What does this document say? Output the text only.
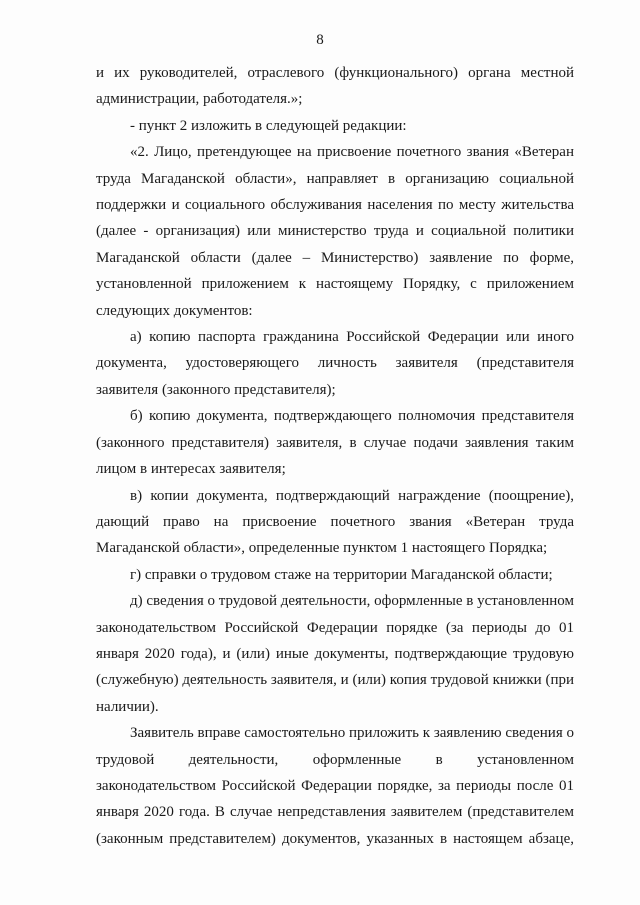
8

и их руководителей, отраслевого (функционального) органа местной администрации, работодателя.»;

- пункт 2 изложить в следующей редакции:

«2. Лицо, претендующее на присвоение почетного звания «Ветеран труда Магаданской области», направляет в организацию социальной поддержки и социального обслуживания населения по месту жительства (далее - организация) или министерство труда и социальной политики Магаданской области (далее – Министерство) заявление по форме, установленной приложением к настоящему Порядку, с приложением следующих документов:

а) копию паспорта гражданина Российской Федерации или иного документа, удостоверяющего личность заявителя (представителя заявителя (законного представителя);

б) копию документа, подтверждающего полномочия представителя (законного представителя) заявителя, в случае подачи заявления таким лицом в интересах заявителя;

в) копии документа, подтверждающий награждение (поощрение), дающий право на присвоение почетного звания «Ветеран труда Магаданской области», определенные пунктом 1 настоящего Порядка;

г) справки о трудовом стаже на территории Магаданской области;

д) сведения о трудовой деятельности, оформленные в установленном законодательством Российской Федерации порядке (за периоды до 01 января 2020 года), и (или) иные документы, подтверждающие трудовую (служебную) деятельность заявителя, и (или) копия трудовой книжки (при наличии).

Заявитель вправе самостоятельно приложить к заявлению сведения о трудовой деятельности, оформленные в установленном законодательством Российской Федерации порядке, за периоды после 01 января 2020 года. В случае непредставления заявителем (представителем (законным представителем) документов, указанных в настоящем абзаце,
